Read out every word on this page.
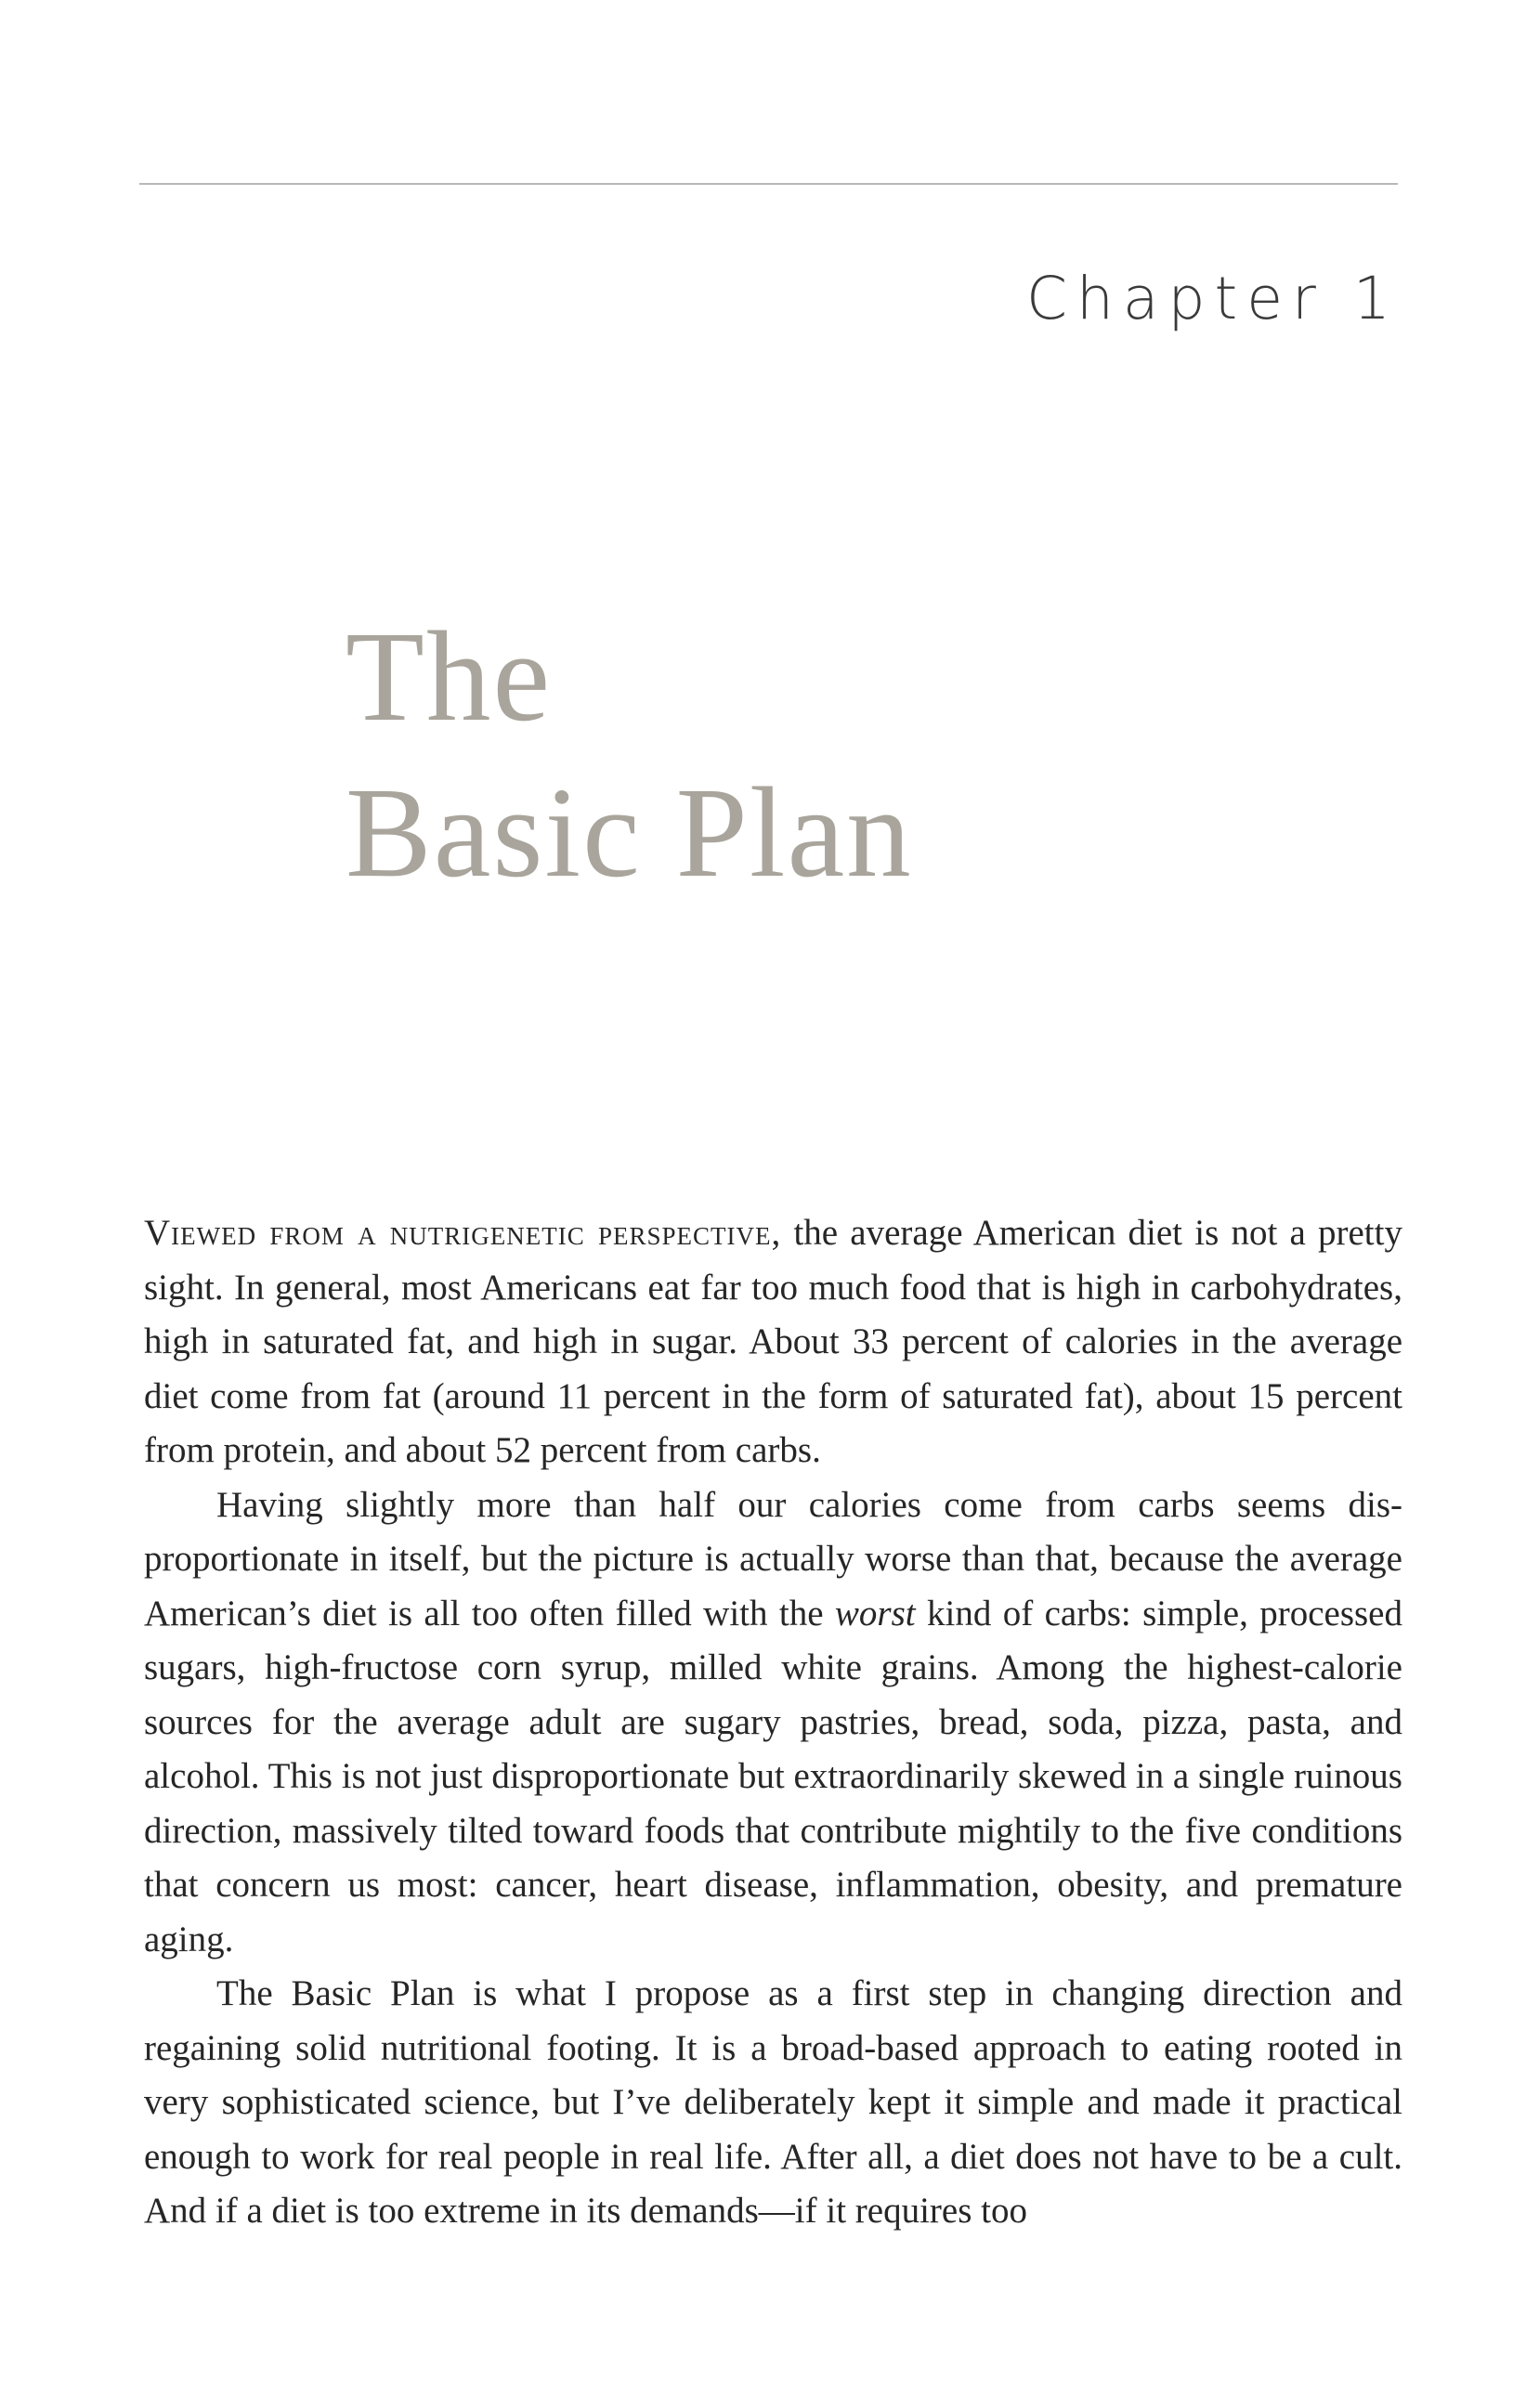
Chapter 1
The
Basic Plan

Viewed from a nutrigenetic perspective, the average American diet is not a pretty sight. In general, most Americans eat far too much food that is high in carbohydrates, high in saturated fat, and high in sugar. About 33 percent of calories in the average diet come from fat (around 11 percent in the form of saturated fat), about 15 percent from protein, and about 52 percent from carbs.

Having slightly more than half our calories come from carbs seems disproportionate in itself, but the picture is actually worse than that, because the average American’s diet is all too often filled with the worst kind of carbs: simple, processed sugars, high-fructose corn syrup, milled white grains. Among the highest-calorie sources for the average adult are sugary pastries, bread, soda, pizza, pasta, and alcohol. This is not just disproportionate but extraordinarily skewed in a single ruinous direction, massively tilted toward foods that contribute mightily to the five conditions that concern us most: cancer, heart disease, inflammation, obesity, and premature aging.

The Basic Plan is what I propose as a first step in changing direction and regaining solid nutritional footing. It is a broad-based approach to eating rooted in very sophisticated science, but I’ve deliberately kept it simple and made it practical enough to work for real people in real life. After all, a diet does not have to be a cult. And if a diet is too extreme in its demands—if it requires too
